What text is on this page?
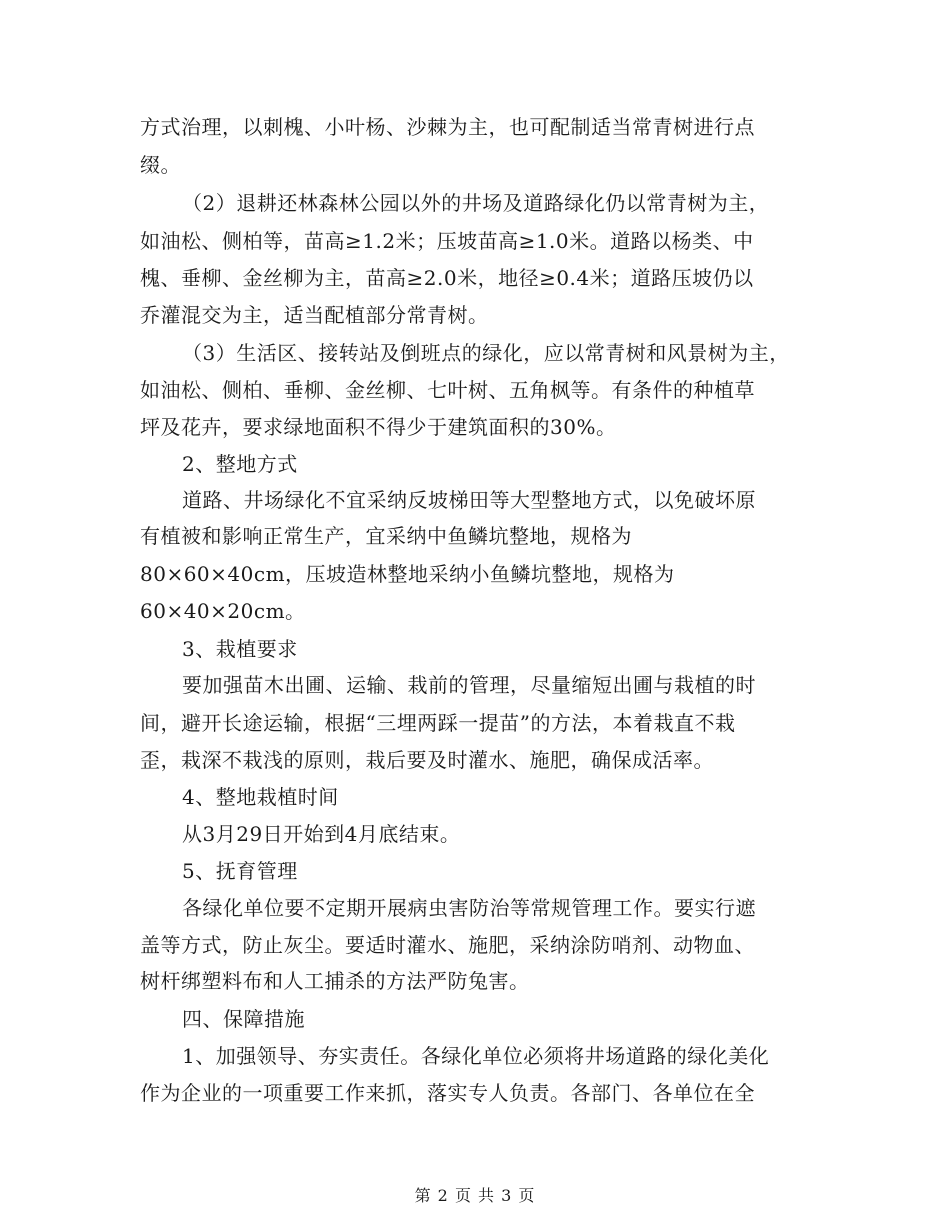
方式治理，以刺槐、小叶杨、沙棘为主，也可配制适当常青树进行点
缀。
（2）退耕还林森林公园以外的井场及道路绿化仍以常青树为主，
如油松、侧柏等，苗高≥1.2米；压坡苗高≥1.0米。道路以杨类、中
槐、垂柳、金丝柳为主，苗高≥2.0米，地径≥0.4米；道路压坡仍以
乔灌混交为主，适当配植部分常青树。
（3）生活区、接转站及倒班点的绿化，应以常青树和风景树为主，
如油松、侧柏、垂柳、金丝柳、七叶树、五角枫等。有条件的种植草
坪及花卉，要求绿地面积不得少于建筑面积的30%。
2、整地方式
道路、井场绿化不宜采纳反坡梯田等大型整地方式，以免破坏原
有植被和影响正常生产，宜采纳中鱼鳞坑整地，规格为
80×60×40cm，压坡造林整地采纳小鱼鳞坑整地，规格为
60×40×20cm。
3、栽植要求
要加强苗木出圃、运输、栽前的管理，尽量缩短出圃与栽植的时
间，避开长途运输，根据“三埋两踩一提苗”的方法，本着栽直不栽
歪，栽深不栽浅的原则，栽后要及时灌水、施肥，确保成活率。
4、整地栽植时间
从3月29日开始到4月底结束。
5、抚育管理
各绿化单位要不定期开展病虫害防治等常规管理工作。要实行遮
盖等方式，防止灰尘。要适时灌水、施肥，采纳涂防哨剂、动物血、
树杆绑塑料布和人工捕杀的方法严防兔害。
四、保障措施
1、加强领导、夯实责任。各绿化单位必须将井场道路的绿化美化
作为企业的一项重要工作来抓，落实专人负责。各部门、各单位在全
第 2 页 共 3 页
